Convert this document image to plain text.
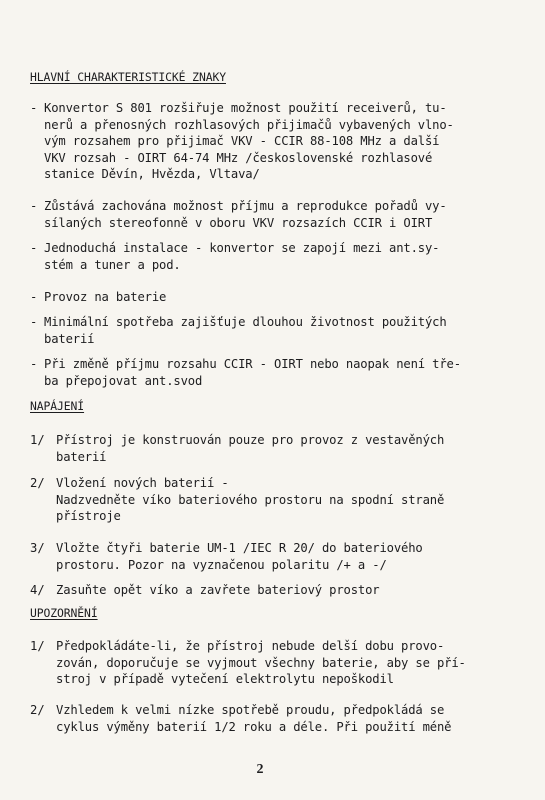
HLAVNÍ CHARAKTERISTICKÉ ZNAKY
- Konvertor S 801 rozšiřuje možnost použití receiverů, tu-
nerů a přenosných rozhlasových přijimačů vybavených vlno-
vým rozsahem pro přijimač VKV - CCIR 88-108 MHz a další
VKV rozsah - OIRT 64-74 MHz /československé rozhlasové
stanice Děvín, Hvězda, Vltava/
- Zůstává zachována možnost příjmu a reprodukce pořadů vy-
sílaných stereofonně v oboru VKV rozsazích CCIR i OIRT
- Jednoduchá instalace - konvertor se zapojí mezi ant.sy-
stém a tuner a pod.
- Provoz na baterie
- Minimální spotřeba zajišťuje dlouhou životnost použitých
baterií
- Při změně příjmu rozsahu CCIR - OIRT nebo naopak není tře-
ba přepojovat ant.svod
NAPÁJENÍ
1/ Přístroj je konstruován pouze pro provoz z vestavěných
baterií
2/ Vložení nových baterií -
Nadzvedněte víko bateriového prostoru na spodní straně
přístroje
3/ Vložte čtyři baterie UM-1 /IEC R 20/ do bateriového
prostoru. Pozor na vyznačenou polaritu /+ a -/
4/ Zasuňte opět víko a zavřete bateriový prostor
UPOZORNĚNÍ
1/ Předpokládáte-li, že přístroj nebude delší dobu provo-
zován, doporučuje se vyjmout všechny baterie, aby se pří-
stroj v případě vytečení elektrolytu nepoškodil
2/ Vzhledem k velmi nízke spotřebě proudu, předpokládá se
cyklus výměny baterií 1/2 roku a déle. Při použití méně
2
